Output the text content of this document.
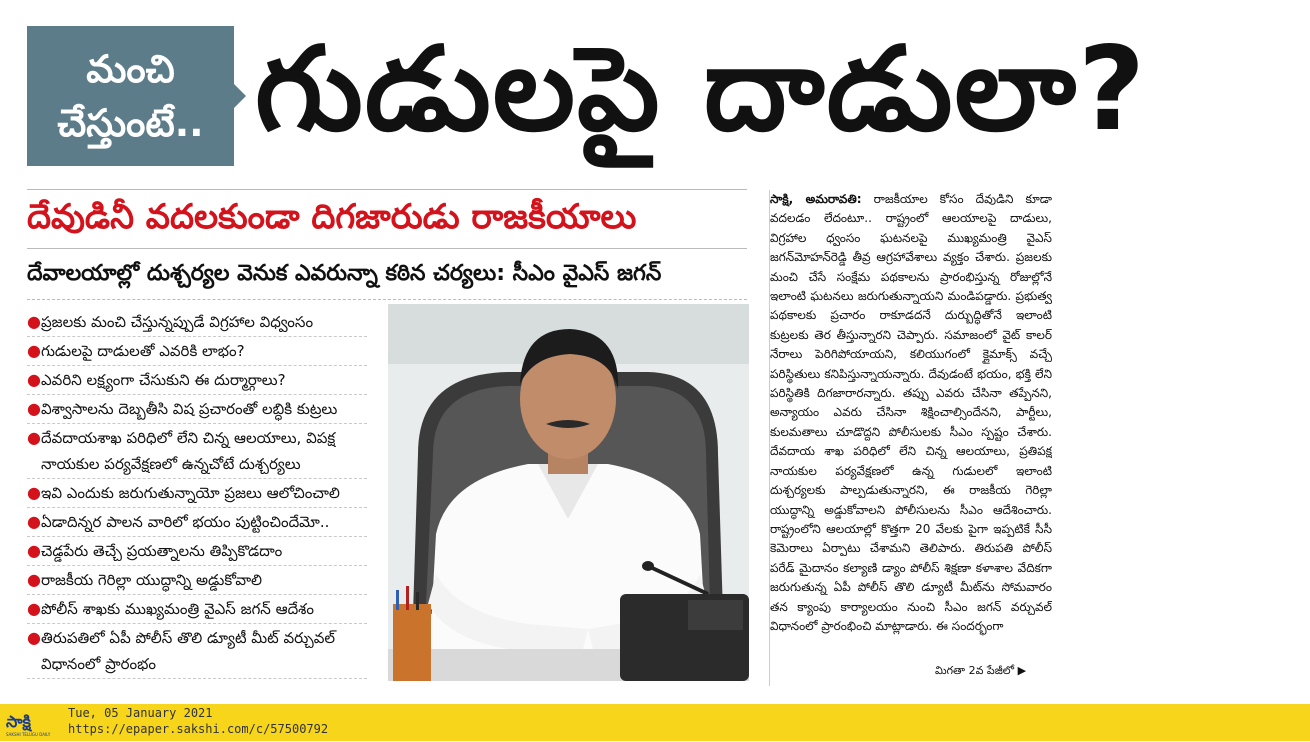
మంచి
చేస్తుంటే.. గుడులపై దాడులా?
దేవుడినీ వదలకుండా దిగజారుడు రాజకీయాలు
దేవాలయాల్లో దుశ్చర్యల వెనుక ఎవరున్నా కఠిన చర్యలు: సీఎం వైఎస్ జగన్
● ప్రజలకు మంచి చేస్తున్నప్పుడే విగ్రహాల విధ్వంసం
● గుడులపై దాడులతో ఎవరికి లాభం?
● ఎవరిని లక్ష్యంగా చేసుకుని ఈ దుర్మార్గాలు?
● విశ్వాసాలను దెబ్బతీసి విష ప్రచారంతో లబ్ధికి కుట్రలు
● దేవదాయశాఖ పరిధిలో లేని చిన్న ఆలయాలు, విపక్ష నాయకుల పర్యవేక్షణలో ఉన్నచోటే దుశ్చర్యలు
● ఇవి ఎందుకు జరుగుతున్నాయో ప్రజలు ఆలోచించాలి
● ఏడాదిన్నర పాలన వారిలో భయం పుట్టించిందేమో..
● చెడ్డపేరు తెచ్చే ప్రయత్నాలను తిప్పికొడదాం
● రాజకీయ గెరిల్లా యుద్ధాన్ని అడ్డుకోవాలి
● పోలీస్ శాఖకు ముఖ్యమంత్రి వైఎస్ జగన్ ఆదేశం
● తిరుపతిలో ఏపీ పోలీస్ తొలి డ్యూటీ మీట్ వర్చువల్ విధానంలో ప్రారంభం
సాక్షి, అమరావతి: రాజకీయాల కోసం దేవుడిని కూడా వదలడం లేదంటూ.. రాష్ట్రంలో ఆలయాలపై దాడులు, విగ్రహాల ధ్వంసం ఘటనలపై ముఖ్యమంత్రి వైఎస్ జగన్‌మోహన్‌రెడ్డి తీవ్ర ఆగ్రహావేశాలు వ్యక్తం చేశారు. ప్రజలకు మంచి చేసే సంక్షేమ పథకాలను ప్రారంభిస్తున్న రోజుల్లోనే ఇలాంటి ఘటనలు జరుగుతున్నాయని మండిపడ్డారు. ప్రభుత్వ పథకాలకు ప్రచారం రాకూడదనే దుర్బుద్ధితోనే ఇలాంటి కుట్రలకు తెర తీస్తున్నారని చెప్పారు. సమాజంలో వైట్ కాలర్ నేరాలు పెరిగిపోయాయని, కలియుగంలో క్లైమాక్స్ వచ్చే పరిస్థితులు కనిపిస్తున్నాయన్నారు. దేవుడంటే భయం, భక్తి లేని పరిస్థితికి దిగజారారన్నారు. తప్పు ఎవరు చేసినా తప్పేనని, అన్యాయం ఎవరు చేసినా శిక్షించాల్సిందేనని, పార్టీలు, కులమతాలు చూడొద్దని పోలీసులకు సీఎం స్పష్టం చేశారు. దేవదాయ శాఖ పరిధిలో లేని చిన్న ఆలయాలు, ప్రతిపక్ష నాయకుల పర్యవేక్షణలో ఉన్న గుడులలో ఇలాంటి దుశ్చర్యలకు పాల్పడుతున్నారని, ఈ రాజకీయ గెరిల్లా యుద్ధాన్ని అడ్డుకోవాలని పోలీసులను సీఎం ఆదేశించారు. రాష్ట్రంలోని ఆలయాల్లో కొత్తగా 20 వేలకు పైగా ఇప్పటికే సీసీ కెమెరాలు ఏర్పాటు చేశామని తెలిపారు. తిరుపతి పోలీస్ పరేడ్ మైదానం కల్యాణి డ్యాం పోలీస్ శిక్షణా కళాశాల వేదికగా జరుగుతున్న ఏపీ పోలీస్ తొలి డ్యూటీ మీట్‌ను సోమవారం తన క్యాంపు కార్యాలయం నుంచి సీఎం జగన్ వర్చువల్ విధానంలో ప్రారంభించి మాట్లాడారు. ఈ సందర్భంగా
మిగతా 2వ పేజీలో ▶
సాక్షి
SAKSHI TELUGU DAILY
Tue, 05 January 2021
https://epaper.sakshi.com/c/57500792
